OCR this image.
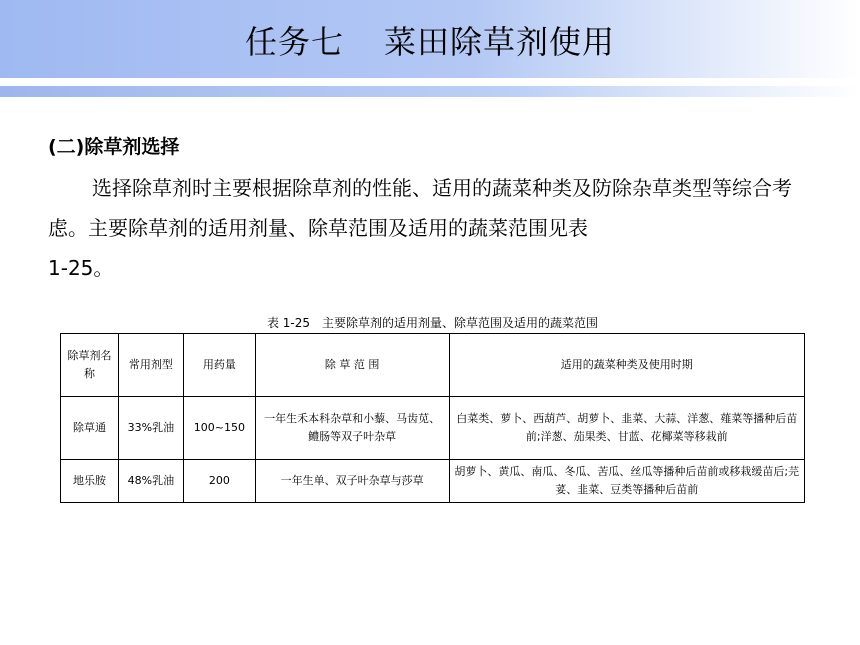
任务七 菜田除草剂使用
(二)除草剂选择
选择除草剂时主要根据除草剂的性能、适用的蔬菜种类及防除杂草类型等综合考虑。主要除草剂的适用剂量、除草范围及适用的蔬菜范围见表
1-25。
表 1-25　主要除草剂的适用剂量、除草范围及适用的蔬菜范围
除草剂名称	常用剂型	用药量	除 草 范 围	适用的蔬菜种类及使用时期
除草通	33%乳油	100~150	一年生禾本科杂草和小藜、马齿苋、鳢肠等双子叶杂草	白菜类、萝卜、西葫芦、胡萝卜、韭菜、大蒜、洋葱、薤菜等播种后苗前;洋葱、茄果类、甘蓝、花椰菜等移栽前
地乐胺	48%乳油	200	一年生单、双子叶杂草与莎草	胡萝卜、黄瓜、南瓜、冬瓜、苦瓜、丝瓜等播种后苗前或移栽缓苗后;芫荽、韭菜、豆类等播种后苗前
